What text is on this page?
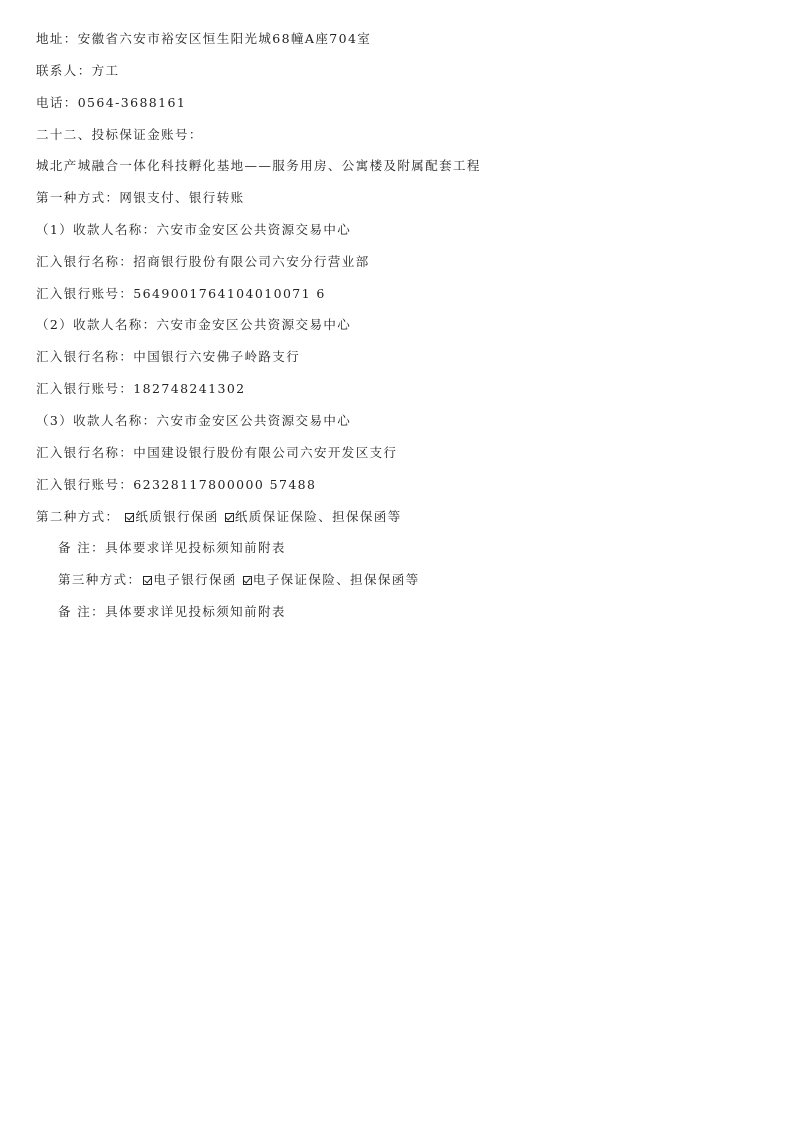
地址：安徽省六安市裕安区恒生阳光城68幢A座704室
联系人：方工
电话：0564-3688161
二十二、投标保证金账号：
城北产城融合一体化科技孵化基地——服务用房、公寓楼及附属配套工程
第一种方式：网银支付、银行转账
（1）收款人名称：六安市金安区公共资源交易中心
汇入银行名称：招商银行股份有限公司六安分行营业部
汇入银行账号：5649001764104010071 6
（2）收款人名称：六安市金安区公共资源交易中心
汇入银行名称：中国银行六安佛子岭路支行
汇入银行账号：182748241302
（3）收款人名称：六安市金安区公共资源交易中心
汇入银行名称：中国建设银行股份有限公司六安开发区支行
汇入银行账号：62328117800000 57488
第二种方式： 纸质银行保函 纸质保证保险、担保保函等
备 注：具体要求详见投标须知前附表
第三种方式： 电子银行保函 电子保证保险、担保保函等
备 注：具体要求详见投标须知前附表
